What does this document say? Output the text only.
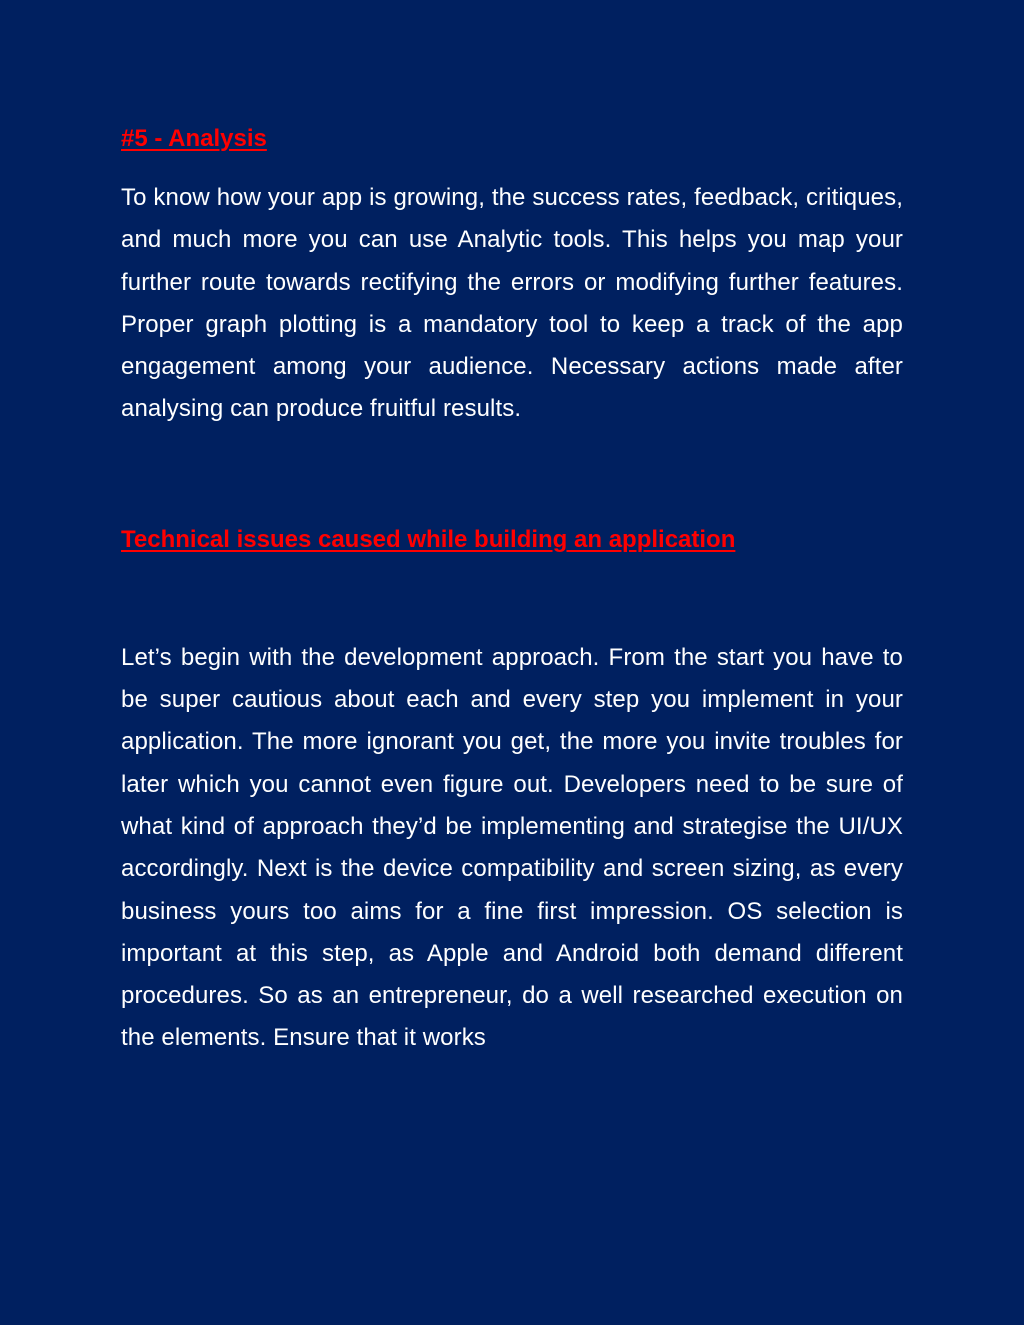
#5 - Analysis

To know how your app is growing, the success rates, feedback, critiques, and much more you can use Analytic tools. This helps you map your further route towards rectifying the errors or modifying further features. Proper graph plotting is a mandatory tool to keep a track of the app engagement among your audience. Necessary actions made after analysing can produce fruitful results.

Technical issues caused while building an application

Let’s begin with the development approach. From the start you have to be super cautious about each and every step you implement in your application. The more ignorant you get, the more you invite troubles for later which you cannot even figure out. Developers need to be sure of what kind of approach they’d be implementing and strategise the UI/UX accordingly. Next is the device compatibility and screen sizing, as every business yours too aims for a fine first impression. OS selection is important at this step, as Apple and Android both demand different procedures. So as an entrepreneur, do a well researched execution on the elements. Ensure that it works
